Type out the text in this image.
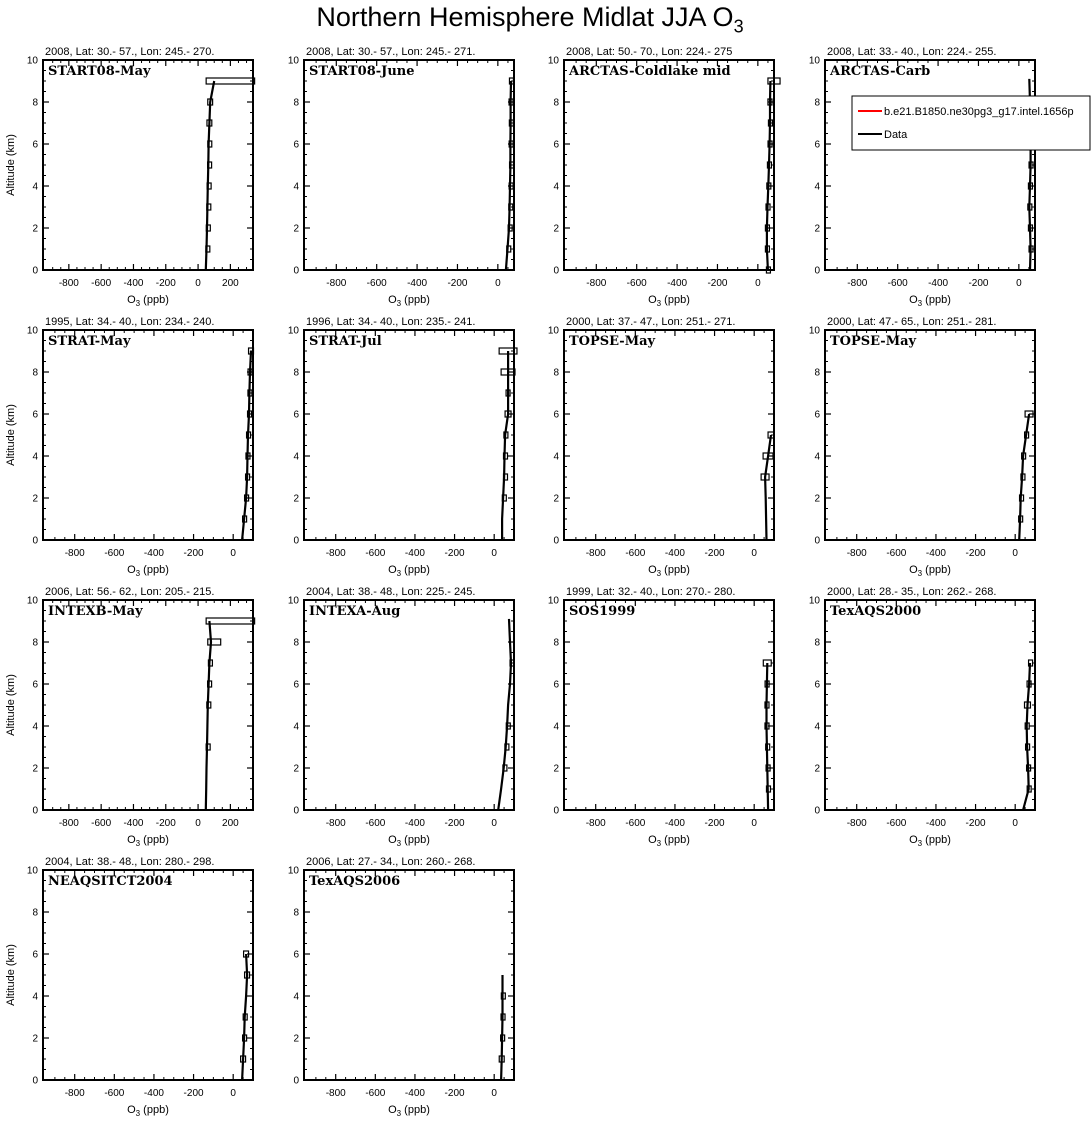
Northern Hemisphere Midlat JJA $O_3$
2008, Lat: 30.- 57., Lon: 245.- 270.
0
2
4
6
8
10
-800 -600 -400 -200 0 200
START08-May
$O_3$ (ppb)
Altitude (km)
2008, Lat: 30.- 57., Lon: 245.- 271.
0
2
4
6
8
10
-800 -600 -400 -200	0
START08-June
$O_3$ (ppb)
2008, Lat: 50.- 70., Lon: 224.- 275
0
2
4
6
8
10
-800 -600 -400 -200	0
ARCTAS-Coldlake mid
$O_3$ (ppb)
2008, Lat: 33.- 40., Lon: 224.- 255.
0
2
4
6
8
10
-800 -600 -400 -200	0
ARCTAS-Carb
$O_3$ (ppb)
1995, Lat: 34.- 40., Lon: 234.- 240.
0
2
4
6
8
10
-800 -600 -400 -200	0
STRAT-May
$O_3$ (ppb)
Altitude (km)
1996, Lat: 34.- 40., Lon: 235.- 241.
0
2
4
6
8
10
-800 -600 -400 -200	0
STRAT-Jul
$O_3$ (ppb)
2000, Lat: 37.- 47., Lon: 251.- 271.
0
2
4
6
8
10
-800 -600 -400 -200	0
TOPSE-May
$O_3$ (ppb)
2000, Lat: 47.- 65., Lon: 251.- 281.
0
2
4
6
8
10
-800 -600 -400 -200	0
TOPSE-May
$O_3$ (ppb)
2006, Lat: 56.- 62., Lon: 205.- 215.
0
2
4
6
8
10
-800 -600 -400 -200 0 200
INTEXB-May
$O_3$ (ppb)
Altitude (km)
2004, Lat: 38.- 48., Lon: 225.- 245.
0
2
4
6
8
10
-800 -600 -400 -200	0
INTEXA-Aug
$O_3$ (ppb)
1999, Lat: 32.- 40., Lon: 270.- 280.
0
2
4
6
8
10
-800 -600 -400 -200	0
SOS1999
$O_3$ (ppb)
2000, Lat: 28.- 35., Lon: 262.- 268.
0
2
4
6
8
10
-800 -600 -400 -200	0
TexAQS2000
$O_3$ (ppb)
2004, Lat: 38.- 48., Lon: 280.- 298.
0
2
4
6
8
10
-800 -600 -400 -200	0
NEAQSITCT2004
$O_3$ (ppb)
Altitude (km)
2006, Lat: 27.- 34., Lon: 260.- 268.
0
2
4
6
8
10
-800 -600 -400 -200	0
TexAQS2006
$O_3$ (ppb)
b.e21.B1850.ne30pg3_g17.intel.1656p
Data
